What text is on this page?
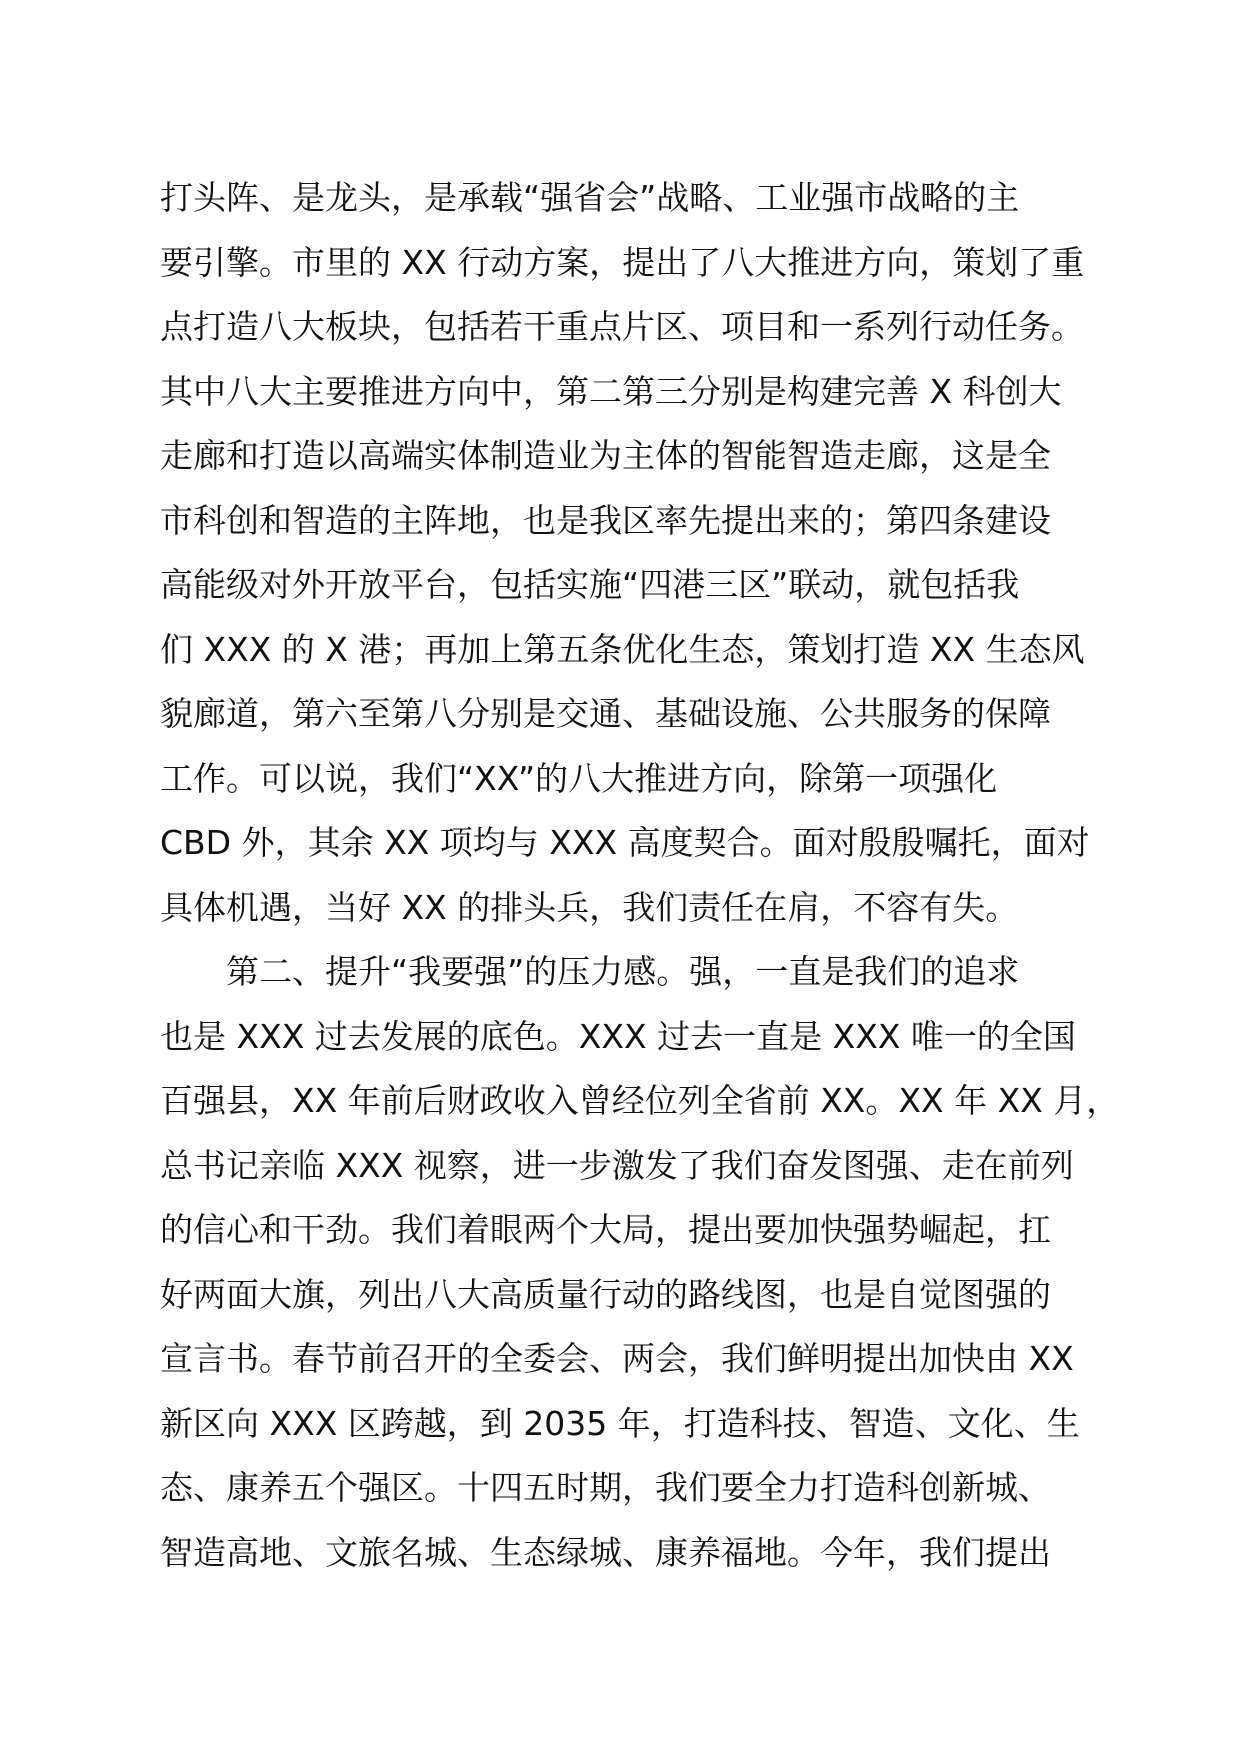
打头阵、是龙头，是承载“强省会”战略、工业强市战略的主
要引擎。市里的 XX 行动方案，提出了八大推进方向，策划了重
点打造八大板块，包括若干重点片区、项目和一系列行动任务。
其中八大主要推进方向中，第二第三分别是构建完善 X 科创大
走廊和打造以高端实体制造业为主体的智能智造走廊，这是全
市科创和智造的主阵地，也是我区率先提出来的；第四条建设
高能级对外开放平台，包括实施“四港三区”联动，就包括我
们 XXX 的 X 港；再加上第五条优化生态，策划打造 XX 生态风
貌廊道，第六至第八分别是交通、基础设施、公共服务的保障
工作。可以说，我们“XX”的八大推进方向，除第一项强化
CBD 外，其余 XX 项均与 XXX 高度契合。面对殷殷嘱托，面对
具体机遇，当好 XX 的排头兵，我们责任在肩，不容有失。
第二、提升“我要强”的压力感。强，一直是我们的追求
也是 XXX 过去发展的底色。XXX 过去一直是 XXX 唯一的全国
百强县，XX 年前后财政收入曾经位列全省前 XX。XX 年 XX 月，
总书记亲临 XXX 视察，进一步激发了我们奋发图强、走在前列
的信心和干劲。我们着眼两个大局，提出要加快强势崛起，扛
好两面大旗，列出八大高质量行动的路线图，也是自觉图强的
宣言书。春节前召开的全委会、两会，我们鲜明提出加快由 XX
新区向 XXX 区跨越，到 2035 年，打造科技、智造、文化、生
态、康养五个强区。十四五时期，我们要全力打造科创新城、
智造高地、文旅名城、生态绿城、康养福地。今年，我们提出
